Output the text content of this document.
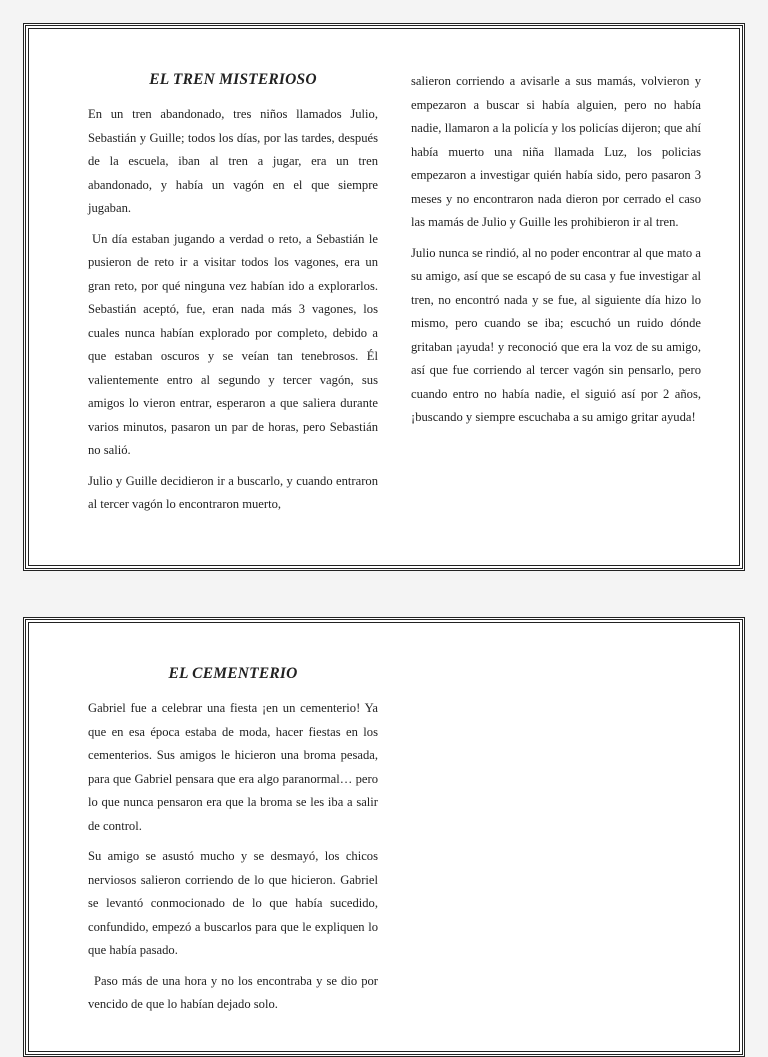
EL TREN MISTERIOSO

En un tren abandonado, tres niños llamados Julio, Sebastián y Guille; todos los días, por las tardes, después de la escuela, iban al tren a jugar, era un tren abandonado, y había un vagón en el que siempre jugaban.

Un día estaban jugando a verdad o reto, a Sebastián le pusieron de reto ir a visitar todos los vagones, era un gran reto, por qué ninguna vez habían ido a explorarlos. Sebastián aceptó, fue, eran nada más 3 vagones, los cuales nunca habían explorado por completo, debido a que estaban oscuros y se veían tan tenebrosos. Él valientemente entro al segundo y tercer vagón, sus amigos lo vieron entrar, esperaron a que saliera durante varios minutos, pasaron un par de horas, pero Sebastián no salió.

Julio y Guille decidieron ir a buscarlo, y cuando entraron al tercer vagón lo encontraron muerto,

salieron corriendo a avisarle a sus mamás, volvieron y empezaron a buscar si había alguien, pero no había nadie, llamaron a la policía y los policías dijeron; que ahí había muerto una niña llamada Luz, los policias empezaron a investigar quién había sido, pero pasaron 3 meses y no encontraron nada dieron por cerrado el caso las mamás de Julio y Guille les prohibieron ir al tren.

Julio nunca se rindió, al no poder encontrar al que mato a su amigo, así que se escapó de su casa y fue investigar al tren, no encontró nada y se fue, al siguiente día hizo lo mismo, pero cuando se iba; escuchó un ruido dónde gritaban ¡ayuda! y reconoció que era la voz de su amigo, así que fue corriendo al tercer vagón sin pensarlo, pero cuando entro no había nadie, el siguió así por 2 años, ¡buscando y siempre escuchaba a su amigo gritar ayuda!

EL CEMENTERIO

Gabriel fue a celebrar una fiesta ¡en un cementerio! Ya que en esa época estaba de moda, hacer fiestas en los cementerios. Sus amigos le hicieron una broma pesada, para que Gabriel pensara que era algo paranormal… pero lo que nunca pensaron era que la broma se les iba a salir de control.

Su amigo se asustó mucho y se desmayó, los chicos nerviosos salieron corriendo de lo que hicieron. Gabriel se levantó conmocionado de lo que había sucedido, confundido, empezó a buscarlos para que le expliquen lo que había pasado.

Paso más de una hora y no los encontraba y se dio por vencido de que lo habían dejado solo.
